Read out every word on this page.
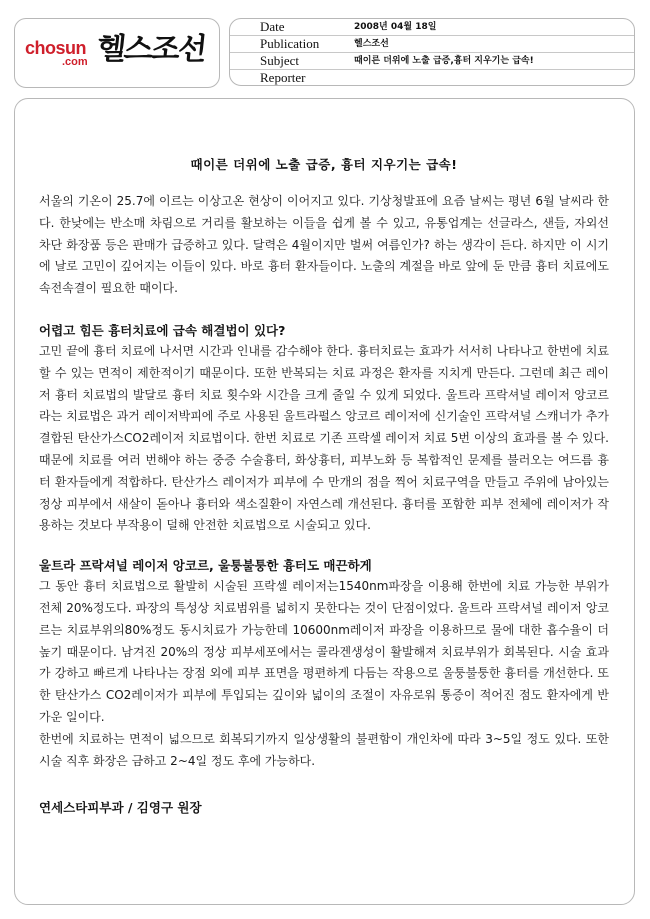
chosun
.com 헬스조선
Date	2008년 04월 18일
Publication	헬스조선
Subject	때이른 더위에 노출 급증,흉터 지우기는 급속!
Reporter

때이른 더위에 노출 급증, 흉터 지우기는 급속!

서울의 기온이 25.7에 이르는 이상고온 현상이 이어지고 있다. 기상청발표에 요즘 날씨는 평년 6월 날씨라 한다. 한낮에는 반소매 차림으로 거리를 활보하는 이들을 쉽게 볼 수 있고, 유통업계는 선글라스, 샌들, 자외선 차단 화장품 등은 판매가 급증하고 있다. 달력은 4월이지만 벌써 여름인가? 하는 생각이 든다. 하지만 이 시기에 날로 고민이 깊어지는 이들이 있다. 바로 흉터 환자들이다. 노출의 계절을 바로 앞에 둔 만큼 흉터 치료에도 속전속결이 필요한 때이다.

어렵고 힘든 흉터치료에 급속 해결법이 있다?

고민 끝에 흉터 치료에 나서면 시간과 인내를 감수해야 한다. 흉터치료는 효과가 서서히 나타나고 한번에 치료 할 수 있는 면적이 제한적이기 때문이다. 또한 반복되는 치료 과정은 환자를 지치게 만든다. 그런데 최근 레이저 흉터 치료법의 발달로 흉터 치료 횟수와 시간을 크게 줄일 수 있게 되었다. 울트라 프락셔널 레이저 앙코르라는 치료법은 과거 레이저박피에 주로 사용된 울트라펄스 앙코르 레이저에 신기술인 프락셔널 스캐너가 추가 결합된 탄산가스CO2레이저 치료법이다. 한번 치료로 기존 프락셀 레이저 치료 5번 이상의 효과를 볼 수 있다. 때문에 치료를 여러 번해야 하는 중증 수술흉터, 화상흉터, 피부노화 등 복합적인 문제를 불러오는 여드름 흉터 환자들에게 적합하다. 탄산가스 레이저가 피부에 수 만개의 점을 찍어 치료구역을 만들고 주위에 남아있는 정상 피부에서 새살이 돋아나 흉터와 색소질환이 자연스레 개선된다. 흉터를 포함한 피부 전체에 레이저가 작용하는 것보다 부작용이 덜해 안전한 치료법으로 시술되고 있다.

울트라 프락셔널 레이저 앙코르, 울퉁불퉁한 흉터도 매끈하게

그 동안 흉터 치료법으로 활발히 시술된 프락셀 레이저는1540nm파장을 이용해 한번에 치료 가능한 부위가 전체 20%정도다. 파장의 특성상 치료범위를 넓히지 못한다는 것이 단점이었다. 울트라 프락셔널 레이저 앙코르는 치료부위의80%정도 동시치료가 가능한데 10600nm레이저 파장을 이용하므로 물에 대한 흡수율이 더 높기 때문이다. 남겨진 20%의 정상 피부세포에서는 콜라겐생성이 활발해져 치료부위가 회복된다. 시술 효과가 강하고 빠르게 나타나는 장점 외에 피부 표면을 평편하게 다듬는 작용으로 울퉁불퉁한 흉터를 개선한다. 또한 탄산가스 CO2레이저가 피부에 투입되는 깊이와 넓이의 조절이 자유로워 통증이 적어진 점도 환자에게 반가운 일이다.

한번에 치료하는 면적이 넓으므로 회복되기까지 일상생활의 불편함이 개인차에 따라 3~5일 정도 있다. 또한 시술 직후 화장은 금하고 2~4일 정도 후에 가능하다.

연세스타피부과 / 김영구 원장
